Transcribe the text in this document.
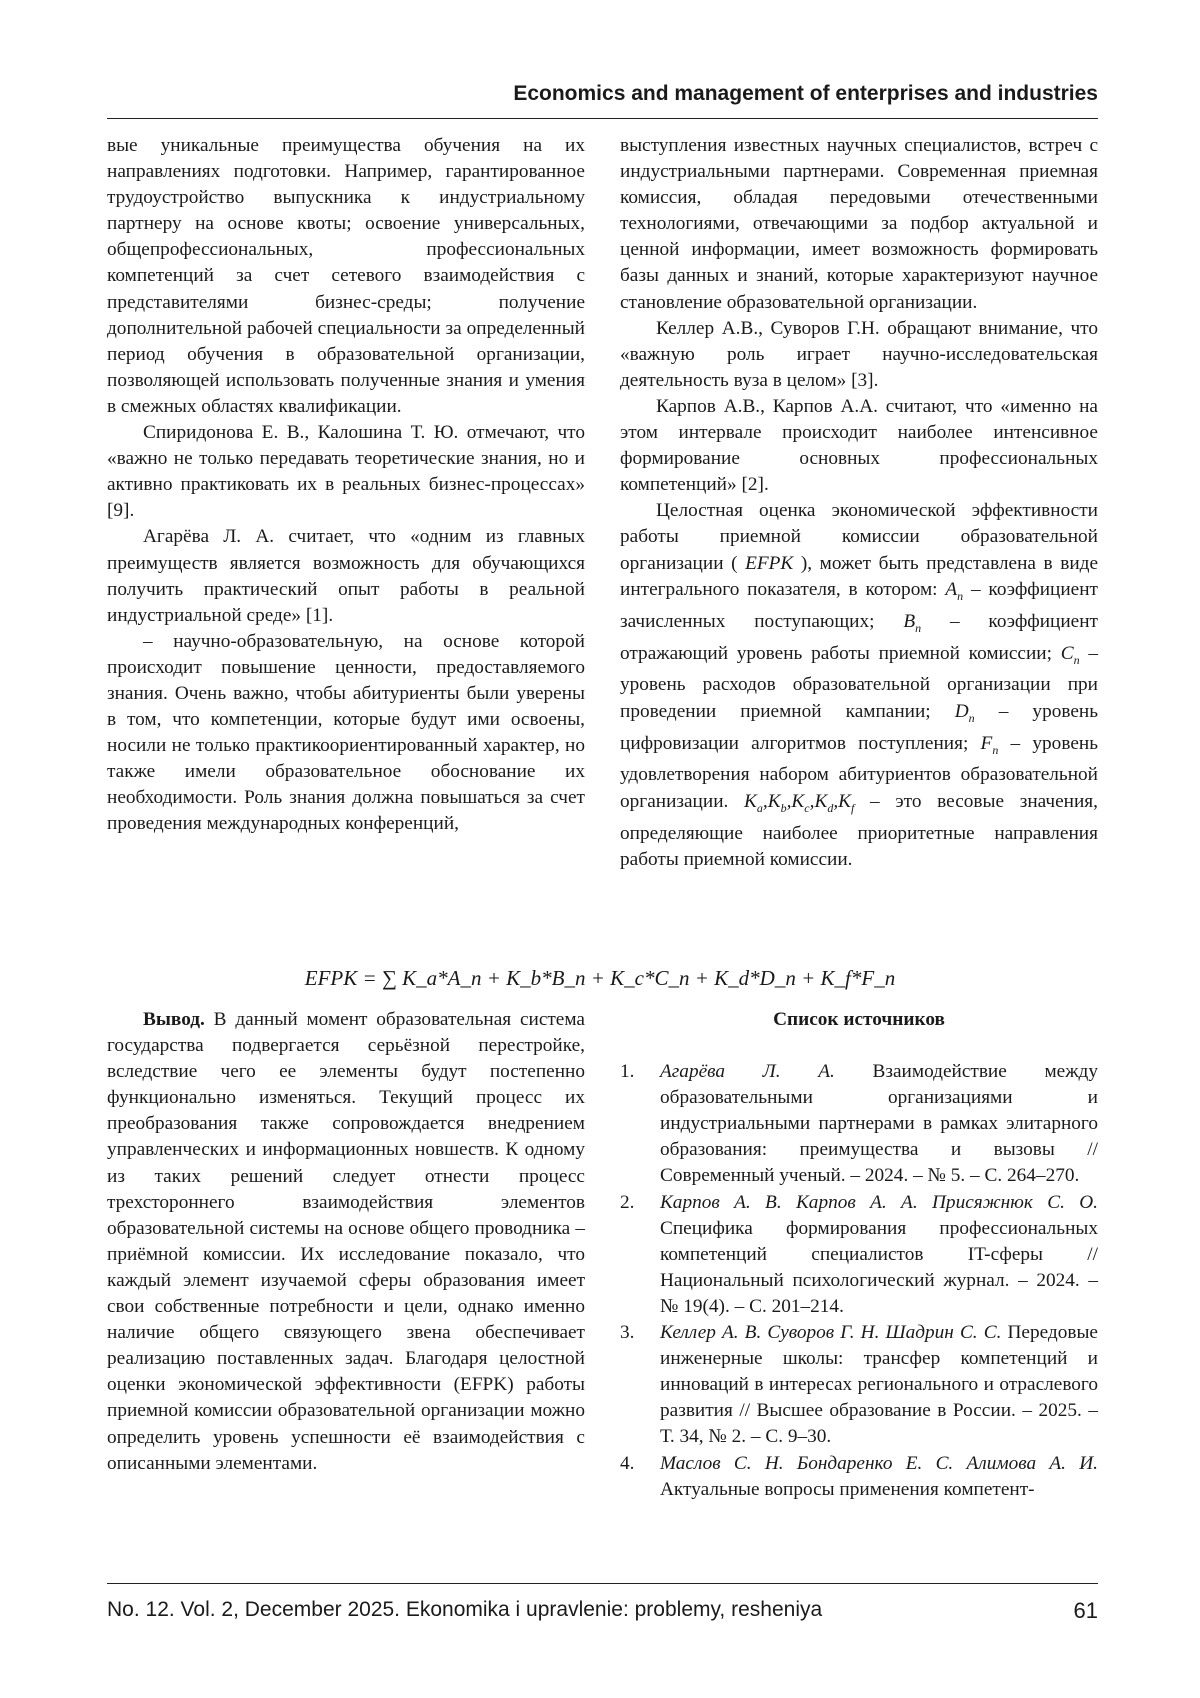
Economics and management of enterprises and industries

вые уникальные преимущества обучения на их направлениях подготовки. Например, гарантированное трудоустройство выпускника к индустриальному партнеру на основе квоты; освоение универсальных, общепрофессиональных, профессиональных компетенций за счет сетевого взаимодействия с представителями бизнес-среды; получение дополнительной рабочей специальности за определенный период обучения в образовательной организации, позволяющей использовать полученные знания и умения в смежных областях квалификации.

Спиридонова Е. В., Калошина Т. Ю. отмечают, что «важно не только передавать теоретические знания, но и активно практиковать их в реальных бизнес-процессах» [9].

Агарёва Л. А. считает, что «одним из главных преимуществ является возможность для обучающихся получить практический опыт работы в реальной индустриальной среде» [1].

– научно-образовательную, на основе которой происходит повышение ценности, предоставляемого знания. Очень важно, чтобы абитуриенты были уверены в том, что компетенции, которые будут ими освоены, носили не только практикоориентированный характер, но также имели образовательное обоснование их необходимости. Роль знания должна повышаться за счет проведения международных конференций,

выступления известных научных специалистов, встреч с индустриальными партнерами. Современная приемная комиссия, обладая передовыми отечественными технологиями, отвечающими за подбор актуальной и ценной информации, имеет возможность формировать базы данных и знаний, которые характеризуют научное становление образовательной организации.

Келлер А.В., Суворов Г.Н. обращают внимание, что «важную роль играет научно-исследовательская деятельность вуза в целом» [3].

Карпов А.В., Карпов А.А. считают, что «именно на этом интервале происходит наиболее интенсивное формирование основных профессиональных компетенций» [2].

Целостная оценка экономической эффективности работы приемной комиссии образовательной организации ( EFPK ), может быть представлена в виде интегрального показателя, в котором: An – коэффициент зачисленных поступающих; Bn – коэффициент отражающий уровень работы приемной комиссии; Cn – уровень расходов образовательной организации при проведении приемной кампании; Dn – уровень цифровизации алгоритмов поступления; Fn – уровень удовлетворения набором абитуриентов образовательной организации. Ka,Kb,Kc,Kd,Kf – это весовые значения, определяющие наиболее приоритетные направления работы приемной комиссии.

EFPK = ∑ K_a*A_n + K_b*B_n + K_c*C_n + K_d*D_n + K_f*F_n

Вывод. В данный момент образовательная система государства подвергается серьёзной перестройке, вследствие чего ее элементы будут постепенно функционально изменяться. Текущий процесс их преобразования также сопровождается внедрением управленческих и информационных новшеств. К одному из таких решений следует отнести процесс трехстороннего взаимодействия элементов образовательной системы на основе общего проводника – приёмной комиссии. Их исследование показало, что каждый элемент изучаемой сферы образования имеет свои собственные потребности и цели, однако именно наличие общего связующего звена обеспечивает реализацию поставленных задач. Благодаря целостной оценки экономической эффективности (EFPK) работы приемной комиссии образовательной организации можно определить уровень успешности её взаимодействия с описанными элементами.

Список источников

1. Агарёва Л. А. Взаимодействие между образовательными организациями и индустриальными партнерами в рамках элитарного образования: преимущества и вызовы // Современный ученый. – 2024. – № 5. – С. 264–270.
2. Карпов А. В. Карпов А. А. Присяжнюк С. О. Специфика формирования профессиональных компетенций специалистов IT-сферы // Национальный психологический журнал. – 2024. – № 19(4). – С. 201–214.
3. Келлер А. В. Суворов Г. Н. Шадрин С. С. Передовые инженерные школы: трансфер компетенций и инноваций в интересах регионального и отраслевого развития // Высшее образование в России. – 2025. – Т. 34, № 2. – С. 9–30.
4. Маслов С. Н. Бондаренко Е. С. Алимова А. И. Актуальные вопросы применения компетент-
No. 12. Vol. 2, December 2025. Ekonomika i upravlenie: problemy, resheniya	61
